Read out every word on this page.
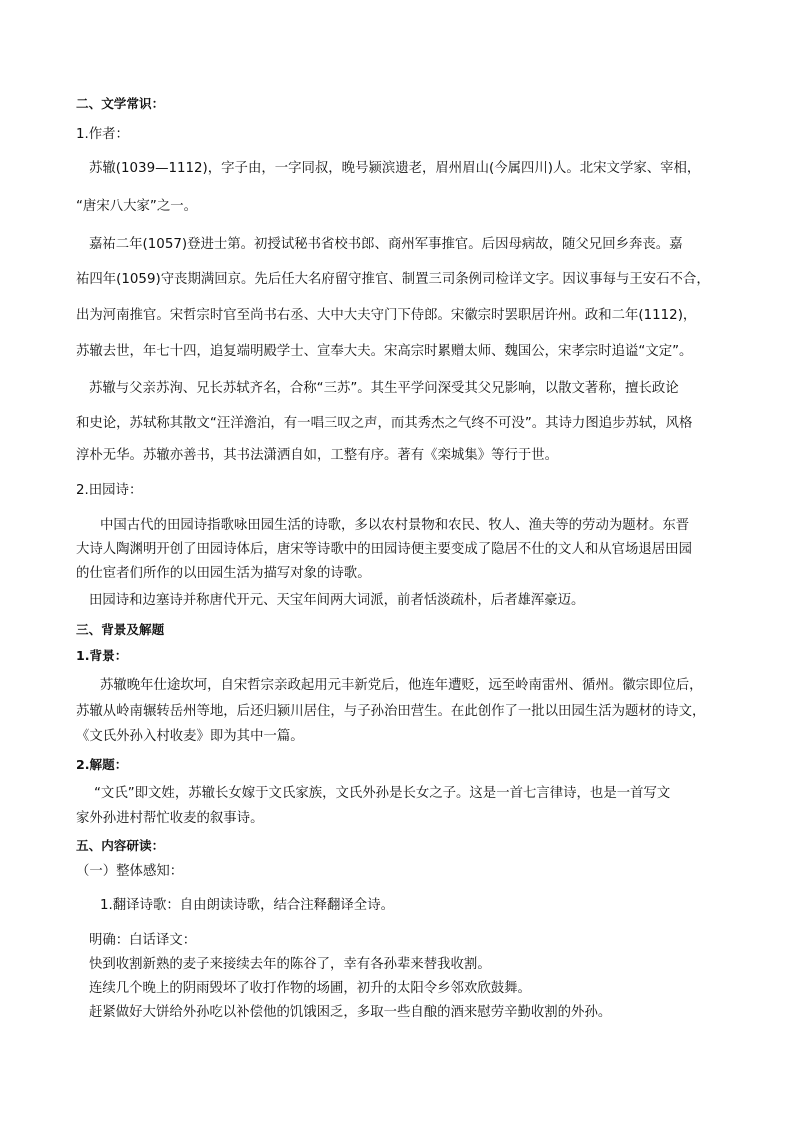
二、文学常识：
1.作者：
苏辙(1039—1112)，字子由，一字同叔，晚号颍滨遗老，眉州眉山(今属四川)人。北宋文学家、宰相，
“唐宋八大家”之一。
嘉祐二年(1057)登进士第。初授试秘书省校书郎、商州军事推官。后因母病故，随父兄回乡奔丧。嘉
祐四年(1059)守丧期满回京。先后任大名府留守推官、制置三司条例司检详文字。因议事每与王安石不合，
出为河南推官。宋哲宗时官至尚书右丞、大中大夫守门下侍郎。宋徽宗时罢职居许州。政和二年(1112)，
苏辙去世，年七十四，追复端明殿学士、宣奉大夫。宋高宗时累赠太师、魏国公，宋孝宗时追谥“文定”。
苏辙与父亲苏洵、兄长苏轼齐名，合称“三苏”。其生平学问深受其父兄影响，以散文著称，擅长政论
和史论，苏轼称其散文“汪洋澹泊，有一唱三叹之声，而其秀杰之气终不可没”。其诗力图追步苏轼，风格
淳朴无华。苏辙亦善书，其书法潇洒自如，工整有序。著有《栾城集》等行于世。
2.田园诗：
中国古代的田园诗指歌咏田园生活的诗歌，多以农村景物和农民、牧人、渔夫等的劳动为题材。东晋
大诗人陶渊明开创了田园诗体后，唐宋等诗歌中的田园诗便主要变成了隐居不仕的文人和从官场退居田园
的仕宦者们所作的以田园生活为描写对象的诗歌。
田园诗和边塞诗并称唐代开元、天宝年间两大词派，前者恬淡疏朴，后者雄浑豪迈。
三、背景及解题
1.背景：
苏辙晚年仕途坎坷，自宋哲宗亲政起用元丰新党后，他连年遭贬，远至岭南雷州、循州。徽宗即位后，
苏辙从岭南辗转岳州等地，后还归颍川居住，与子孙治田营生。在此创作了一批以田园生活为题材的诗文，
《文氏外孙入村收麦》即为其中一篇。
2.解题：
“文氏”即文姓，苏辙长女嫁于文氏家族，文氏外孙是长女之子。这是一首七言律诗，也是一首写文
家外孙进村帮忙收麦的叙事诗。
五、内容研读：
（一）整体感知：
1.翻译诗歌：自由朗读诗歌，结合注释翻译全诗。
明确：白话译文：
快到收割新熟的麦子来接续去年的陈谷了，幸有各孙辈来替我收割。
连续几个晚上的阴雨毁坏了收打作物的场圃，初升的太阳令乡邻欢欣鼓舞。
赶紧做好大饼给外孙吃以补偿他的饥饿困乏，多取一些自酿的酒来慰劳辛勤收割的外孙。
